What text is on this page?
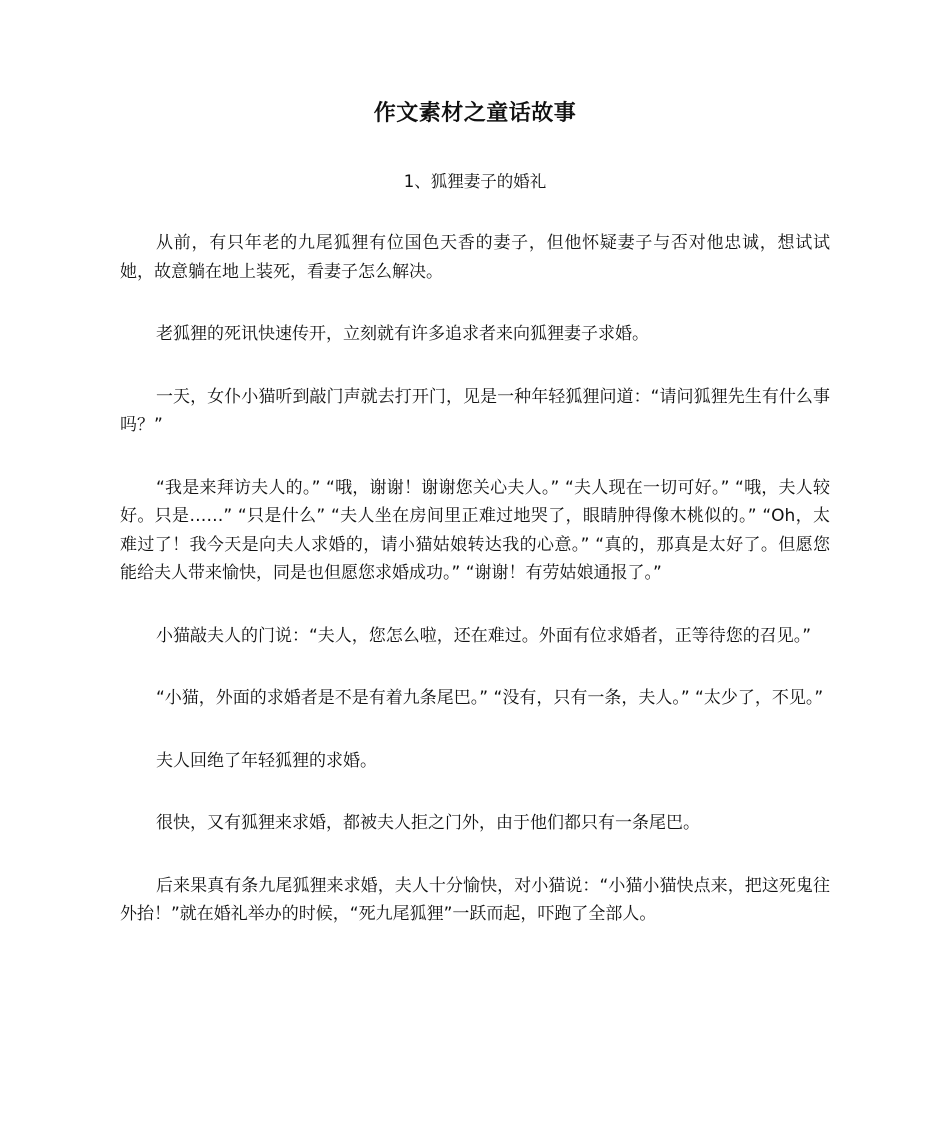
作文素材之童话故事
1、狐狸妻子的婚礼

从前，有只年老的九尾狐狸有位国色天香的妻子，但他怀疑妻子与否对他忠诚，想试试她，故意躺在地上装死，看妻子怎么解决。

老狐狸的死讯快速传开，立刻就有许多追求者来向狐狸妻子求婚。

一天，女仆小猫听到敲门声就去打开门，见是一种年轻狐狸问道：“请问狐狸先生有什么事吗？”

“我是来拜访夫人的。” “哦，谢谢！谢谢您关心夫人。” “夫人现在一切可好。” “哦，夫人较好。只是……” “只是什么” “夫人坐在房间里正难过地哭了，眼睛肿得像木桃似的。” “Oh，太难过了！我今天是向夫人求婚的，请小猫姑娘转达我的心意。” “真的，那真是太好了。但愿您能给夫人带来愉快，同是也但愿您求婚成功。” “谢谢！有劳姑娘通报了。”

小猫敲夫人的门说：“夫人，您怎么啦，还在难过。外面有位求婚者，正等待您的召见。”

“小猫，外面的求婚者是不是有着九条尾巴。” “没有，只有一条，夫人。” “太少了，不见。”

夫人回绝了年轻狐狸的求婚。

很快，又有狐狸来求婚，都被夫人拒之门外，由于他们都只有一条尾巴。

后来果真有条九尾狐狸来求婚，夫人十分愉快，对小猫说：“小猫小猫快点来，把这死鬼往外抬！”就在婚礼举办的时候，“死九尾狐狸”一跃而起，吓跑了全部人。
